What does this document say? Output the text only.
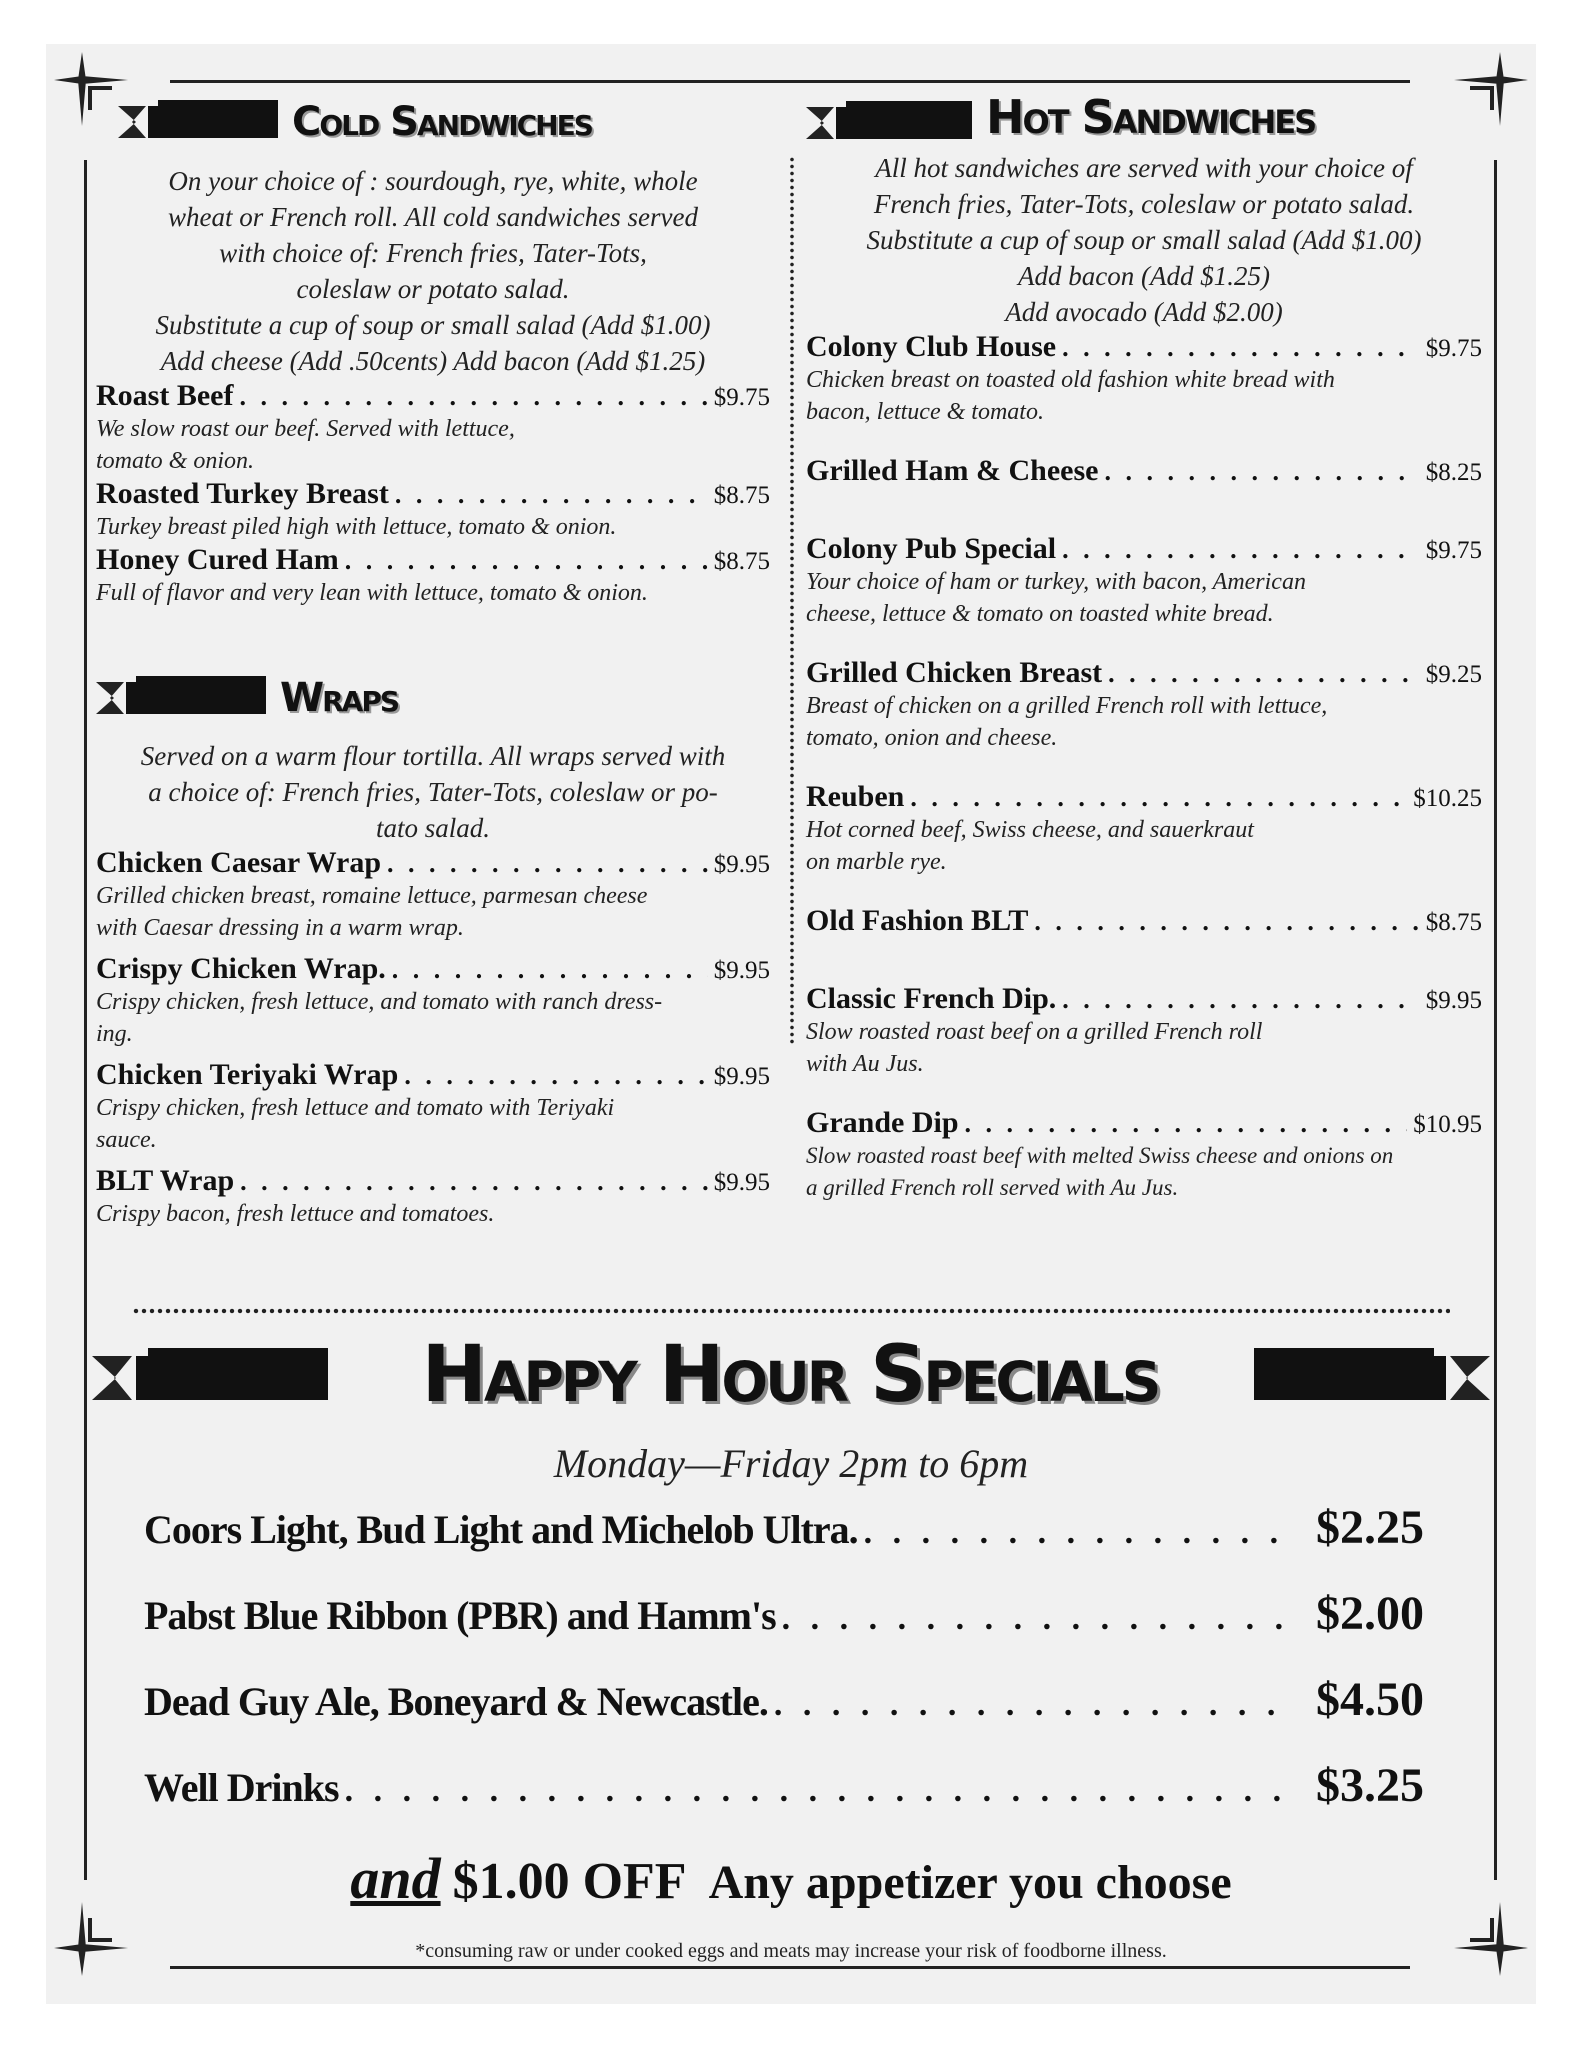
Cold Sandwiches
On your choice of : sourdough, rye, white, whole
wheat or French roll. All cold sandwiches served
with choice of: French fries, Tater-Tots,
coleslaw or potato salad.
Substitute a cup of soup or small salad (Add $1.00)
Add cheese (Add .50cents) Add bacon (Add $1.25)
Roast Beef . . .	$9.75
We slow roast our beef. Served with lettuce,
tomato & onion.
Roasted Turkey Breast . . .	$8.75
Turkey breast piled high with lettuce, tomato & onion.
Honey Cured Ham . . .	$8.75
Full of flavor and very lean with lettuce, tomato & onion.
Wraps
Served on a warm flour tortilla. All wraps served with
a choice of: French fries, Tater-Tots, coleslaw or po-
tato salad.
Chicken Caesar Wrap . . .	$9.95
Grilled chicken breast, romaine lettuce, parmesan cheese
with Caesar dressing in a warm wrap.
Crispy Chicken Wrap. . . .	$9.95
Crispy chicken, fresh lettuce, and tomato with ranch dress-
ing.
Chicken Teriyaki Wrap . . .	$9.95
Crispy chicken, fresh lettuce and tomato with Teriyaki
sauce.
BLT Wrap . . .	$9.95
Crispy bacon, fresh lettuce and tomatoes.
Hot Sandwiches
All hot sandwiches are served with your choice of
French fries, Tater-Tots, coleslaw or potato salad.
Substitute a cup of soup or small salad (Add $1.00)
Add bacon (Add $1.25)
Add avocado (Add $2.00)
Colony Club House . . .	$9.75
Chicken breast on toasted old fashion white bread with
bacon, lettuce & tomato.
Grilled Ham & Cheese . . .	$8.25
Colony Pub Special . . .	$9.75
Your choice of ham or turkey, with bacon, American
cheese, lettuce & tomato on toasted white bread.
Grilled Chicken Breast . . .	$9.25
Breast of chicken on a grilled French roll with lettuce,
tomato, onion and cheese.
Reuben . . .	$10.25
Hot corned beef, Swiss cheese, and sauerkraut
on marble rye.
Old Fashion BLT . . .	$8.75
Classic French Dip. . . .	$9.95
Slow roasted roast beef on a grilled French roll
with Au Jus.
Grande Dip . . .	$10.95
Slow roasted roast beef with melted Swiss cheese and onions on
a grilled French roll served with Au Jus.
Happy Hour Specials
Monday—Friday 2pm to 6pm
Coors Light, Bud Light and Michelob Ultra. . . .	$2.25
Pabst Blue Ribbon (PBR) and Hamm's . . .	$2.00
Dead Guy Ale, Boneyard & Newcastle. . . .	$4.50
Well Drinks . . .	$3.25
and $1.00 OFF Any appetizer you choose
*consuming raw or under cooked eggs and meats may increase your risk of foodborne illness.
